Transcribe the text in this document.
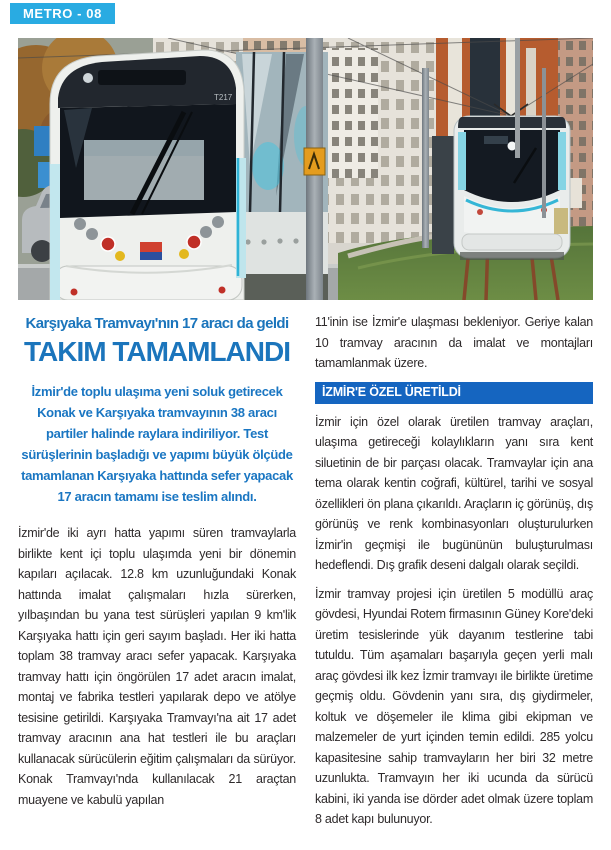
METRO - 08
T217
Karşıyaka Tramvayı'nın 17 aracı da geldi
TAKIM TAMAMLANDI

İzmir'de toplu ulaşıma yeni soluk getirecek Konak ve Karşıyaka tramvayının 38 aracı partiler halinde raylara indiriliyor. Test sürüşlerinin başladığı ve yapımı büyük ölçüde tamamlanan Karşıyaka hattında sefer yapacak 17 aracın tamamı ise teslim alındı.

İzmir'de iki ayrı hatta yapımı süren tramvaylarla birlikte kent içi toplu ulaşımda yeni bir dönemin kapıları açılacak. 12.8 km uzunluğundaki Konak hattında imalat çalışmaları hızla sürerken, yılbaşından bu yana test sürüşleri yapılan 9 km'lik Karşıyaka hattı için geri sayım başladı. Her iki hatta toplam 38 tramvay aracı sefer yapacak. Karşıyaka tramvay hattı için öngörülen 17 adet aracın imalat, montaj ve fabrika testleri yapılarak depo ve atölye tesisine getirildi. Karşıyaka Tramvayı'na ait 17 adet tramvay aracının ana hat testleri ile bu araçları kullanacak sürücülerin eğitim çalışmaları da sürüyor. Konak Tramvayı'nda kullanılacak 21 araçtan muayene ve kabulü yapılan

11'inin ise İzmir'e ulaşması bekleniyor. Geriye kalan 10 tramvay aracının da imalat ve montajları tamamlanmak üzere.

İZMİR'E ÖZEL ÜRETİLDİ

İzmir için özel olarak üretilen tramvay araçları, ulaşıma getireceği kolaylıkların yanı sıra kent siluetinin de bir parçası olacak. Tramvaylar için ana tema olarak kentin coğrafi, kültürel, tarihi ve sosyal özellikleri ön plana çıkarıldı. Araçların iç görünüş, dış görünüş ve renk kombinasyonları oluşturulurken İzmir'in geçmişi ile bugününün buluşturulması hedeflendi. Dış grafik deseni dalgalı olarak seçildi.

İzmir tramvay projesi için üretilen 5 modüllü araç gövdesi, Hyundai Rotem firmasının Güney Kore'deki üretim tesislerinde yük dayanım testlerine tabi tutuldu. Tüm aşamaları başarıyla geçen yerli malı araç gövdesi ilk kez İzmir tramvayı ile birlikte üretime geçmiş oldu. Gövdenin yanı sıra, dış giydirmeler, koltuk ve döşemeler ile klima gibi ekipman ve malzemeler de yurt içinden temin edildi. 285 yolcu kapasitesine sahip tramvayların her biri 32 metre uzunlukta. Tramvayın her iki ucunda da sürücü kabini, iki yanda ise dörder adet olmak üzere toplam 8 adet kapı bulunuyor.
